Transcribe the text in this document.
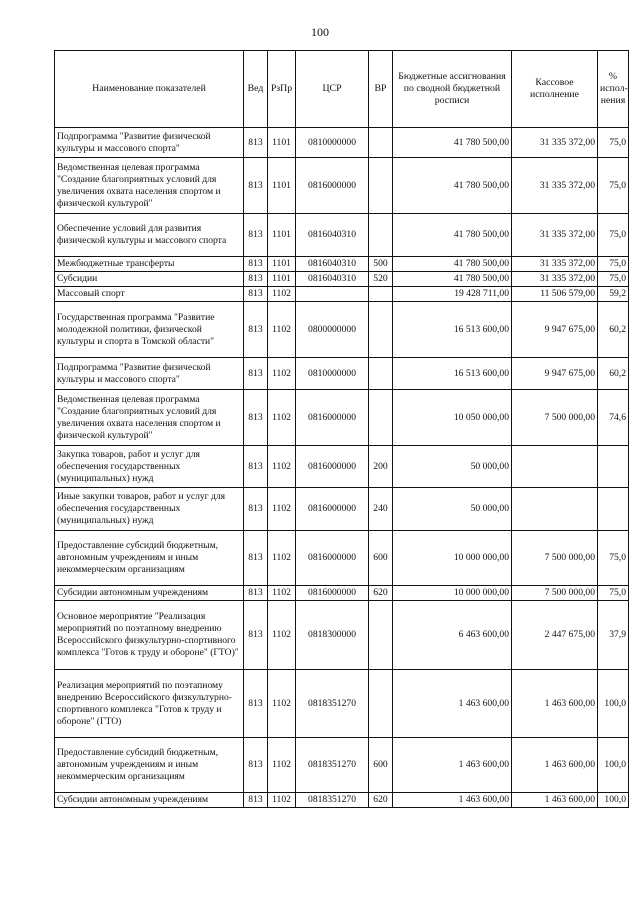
100
Наименование показателей	Вед	РзПр	ЦСР	ВР	Бюджетные ассигнования по сводной бюджетной росписи	Кассовое исполнение	% испол-нения
Подпрограмма "Развитие физической культуры и массового спорта"	813	1101	0810000000		41 780 500,00	31 335 372,00	75,0
Ведомственная целевая программа "Создание благоприятных условий для увеличения охвата населения спортом и физической культурой"	813	1101	0816000000		41 780 500,00	31 335 372,00	75,0
Обеспечение условий для развития физической культуры и массового спорта	813	1101	0816040310		41 780 500,00	31 335 372,00	75,0
Межбюджетные трансферты	813	1101	0816040310	500	41 780 500,00	31 335 372,00	75,0
Субсидии	813	1101	0816040310	520	41 780 500,00	31 335 372,00	75,0
Массовый спорт	813	1102			19 428 711,00	11 506 579,00	59,2
Государственная программа "Развитие молодежной политики, физической культуры и спорта в Томской области"	813	1102	0800000000		16 513 600,00	9 947 675,00	60,2
Подпрограмма "Развитие физической культуры и массового спорта"	813	1102	0810000000		16 513 600,00	9 947 675,00	60,2
Ведомственная целевая программа "Создание благоприятных условий для увеличения охвата населения спортом и физической культурой"	813	1102	0816000000		10 050 000,00	7 500 000,00	74,6
Закупка товаров, работ и услуг для обеспечения государственных (муниципальных) нужд	813	1102	0816000000	200	50 000,00		
Иные закупки товаров, работ и услуг для обеспечения государственных (муниципальных) нужд	813	1102	0816000000	240	50 000,00		
Предоставление субсидий бюджетным, автономным учреждениям и иным некоммерческим организациям	813	1102	0816000000	600	10 000 000,00	7 500 000,00	75,0
Субсидии автономным учреждениям	813	1102	0816000000	620	10 000 000,00	7 500 000,00	75,0
Основное мероприятие "Реализация мероприятий по поэтапному внедрению Всероссийского физкультурно-спортивного комплекса "Готов к труду и обороне" (ГТО)"	813	1102	0818300000		6 463 600,00	2 447 675,00	37,9
Реализация мероприятий по поэтапному внедрению Всероссийского физкультурно-спортивного комплекса "Готов к труду и обороне" (ГТО)	813	1102	0818351270		1 463 600,00	1 463 600,00	100,0
Предоставление субсидий бюджетным, автономным учреждениям и иным некоммерческим организациям	813	1102	0818351270	600	1 463 600,00	1 463 600,00	100,0
Субсидии автономным учреждениям	813	1102	0818351270	620	1 463 600,00	1 463 600,00	100,0
